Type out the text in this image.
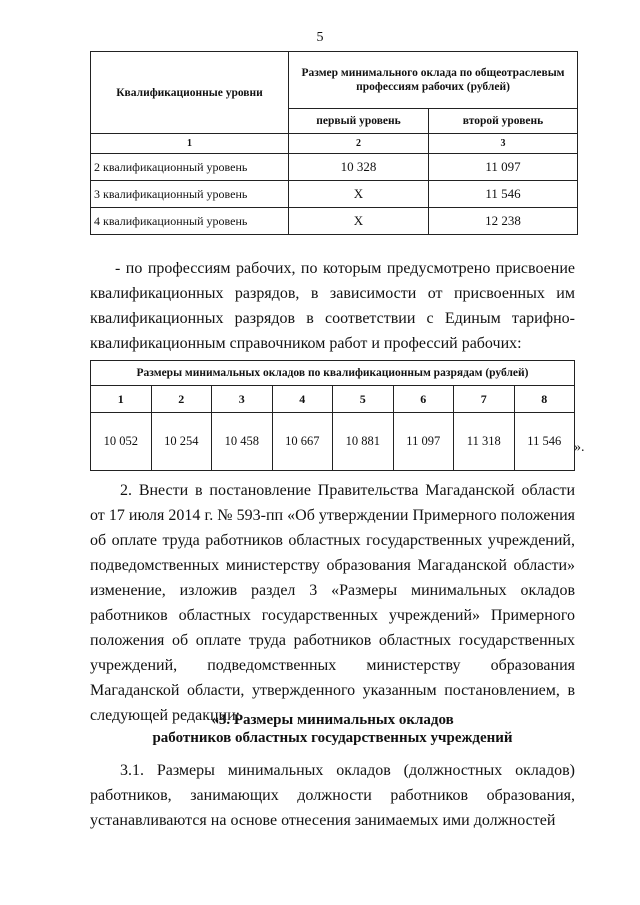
5
Квалификационные уровни	Размер минимального оклада по общеотраслевым профессиям рабочих (рублей)	
	первый уровень	второй уровень
1	2	3
2 квалификационный уровень	10 328	11 097
3 квалификационный уровень	Х	11 546
4 квалификационный уровень	Х	12 238

- по профессиям рабочих, по которым предусмотрено присвоение квалификационных разрядов, в зависимости от присвоенных им квалификационных разрядов в соответствии с Единым тарифно-квалификационным справочником работ и профессий рабочих:

Размеры минимальных окладов по квалификационным разрядам (рублей)							
1	2	3	4	5	6	7	8
10 052	10 254	10 458	10 667	10 881	11 097	11 318	11 546 ».

2. Внести в постановление Правительства Магаданской области от 17 июля 2014 г. № 593-пп «Об утверждении Примерного положения об оплате труда работников областных государственных учреждений, подведомственных министерству образования Магаданской области» изменение, изложив раздел 3 «Размеры минимальных окладов работников областных государственных учреждений» Примерного положения об оплате труда работников областных государственных учреждений, подведомственных министерству образования Магаданской области, утвержденного указанным постановлением, в следующей редакции:

«3. Размеры минимальных окладов
работников областных государственных учреждений

3.1. Размеры минимальных окладов (должностных окладов) работников, занимающих должности работников образования, устанавливаются на основе отнесения занимаемых ими должностей
